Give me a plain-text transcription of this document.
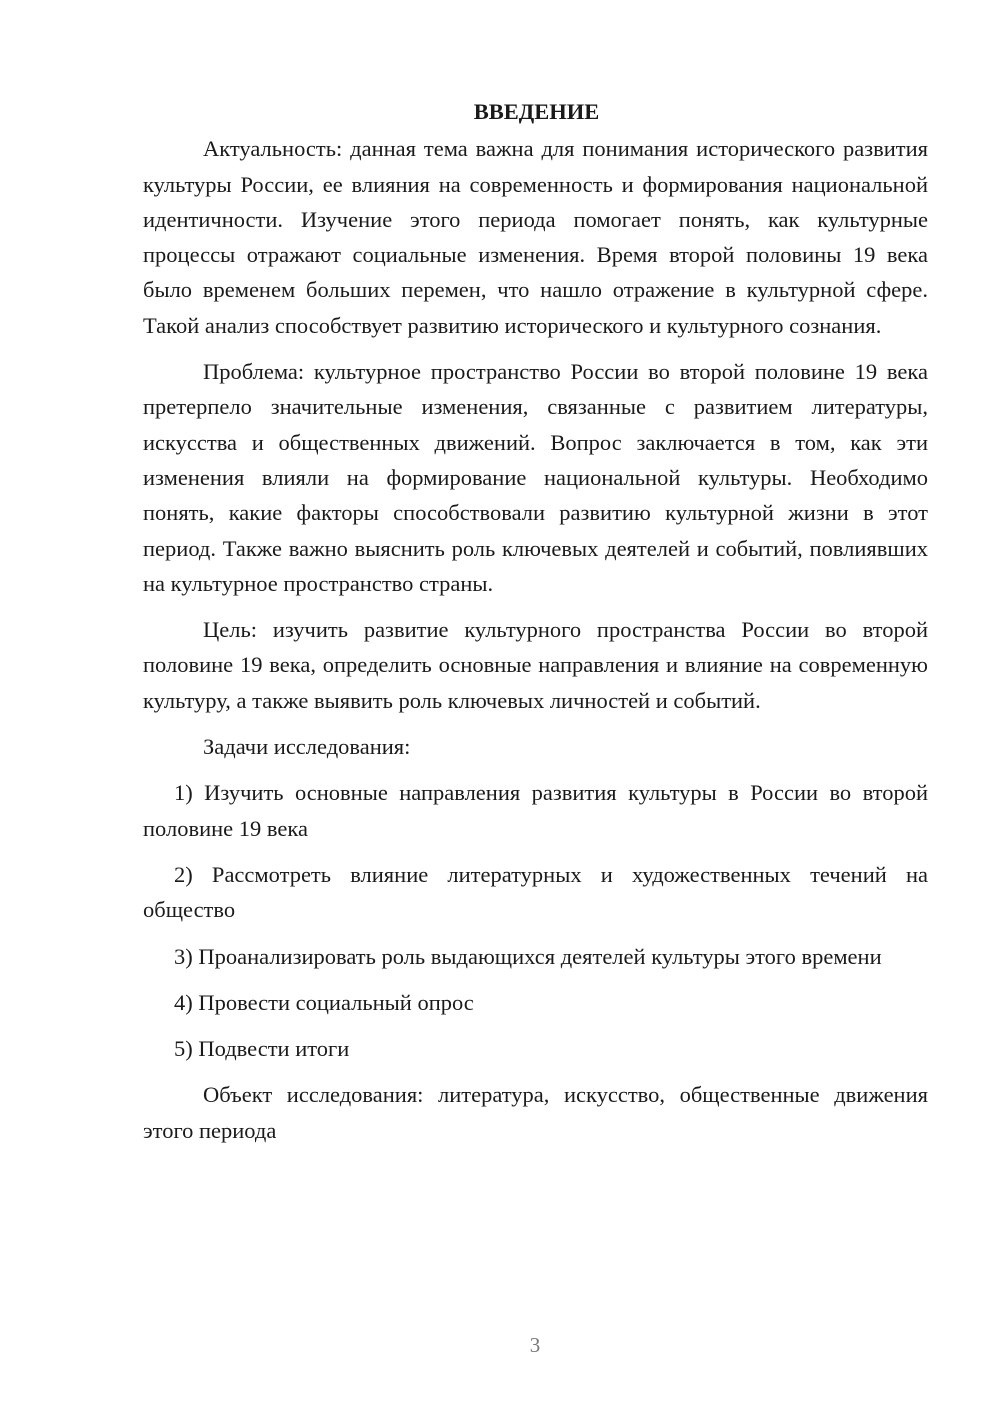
ВВЕДЕНИЕ

Актуальность: данная тема важна для понимания исторического развития культуры России, ее влияния на современность и формирования национальной идентичности. Изучение этого периода помогает понять, как культурные процессы отражают социальные изменения. Время второй половины 19 века было временем больших перемен, что нашло отражение в культурной сфере. Такой анализ способствует развитию исторического и культурного сознания.

Проблема: культурное пространство России во второй половине 19 века претерпело значительные изменения, связанные с развитием литературы, искусства и общественных движений. Вопрос заключается в том, как эти изменения влияли на формирование национальной культуры. Необходимо понять, какие факторы способствовали развитию культурной жизни в этот период. Также важно выяснить роль ключевых деятелей и событий, повлиявших на культурное пространство страны.

Цель: изучить развитие культурного пространства России во второй половине 19 века, определить основные направления и влияние на современную культуру, а также выявить роль ключевых личностей и событий.

Задачи исследования:

1) Изучить основные направления развития культуры в России во второй половине 19 века

2) Рассмотреть влияние литературных и художественных течений на общество

3) Проанализировать роль выдающихся деятелей культуры этого времени

4) Провести социальный опрос

5) Подвести итоги

Объект исследования: литература, искусство, общественные движения этого периода

3
